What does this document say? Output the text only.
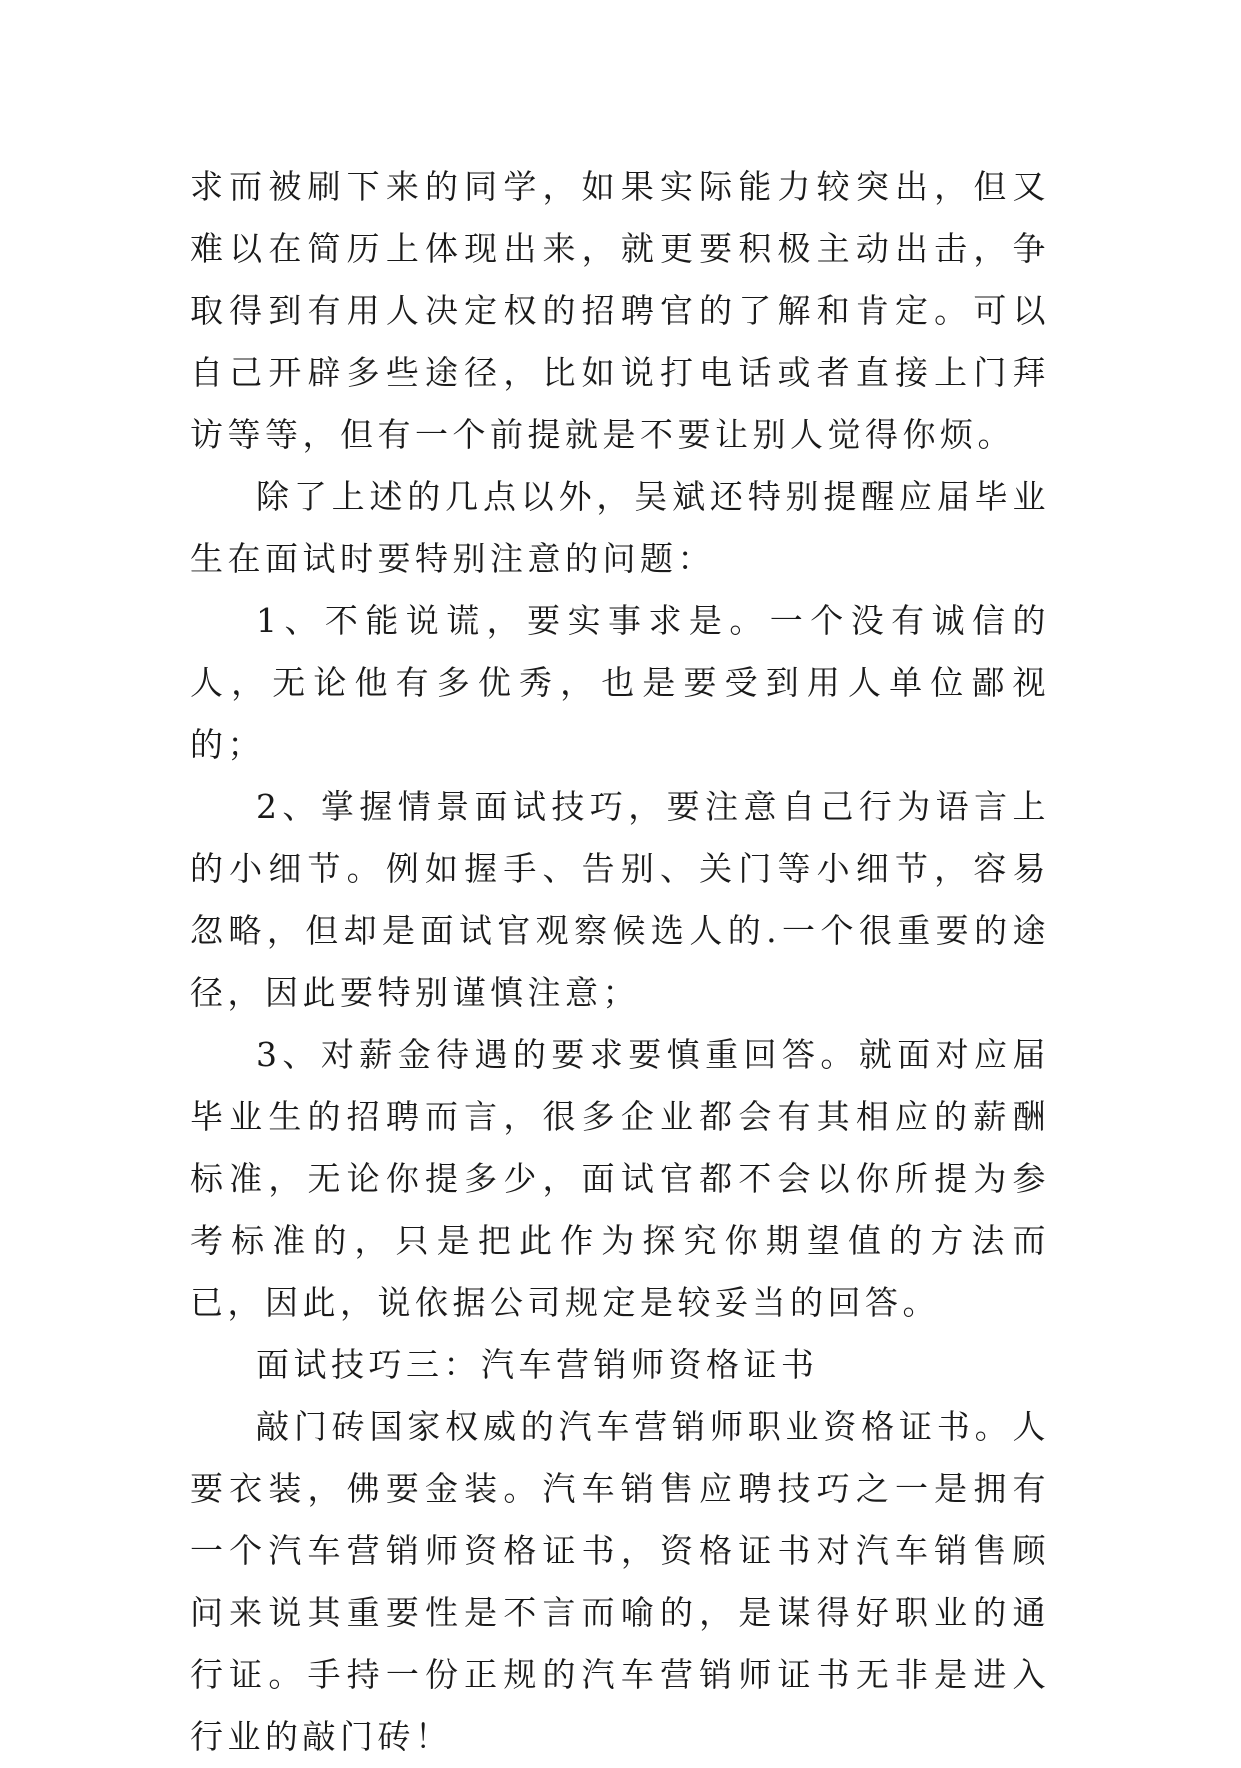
求而被刷下来的同学，如果实际能力较突出，但又难以在简历上体现出来，就更要积极主动出击，争取得到有用人决定权的招聘官的了解和肯定。可以自己开辟多些途径，比如说打电话或者直接上门拜访等等，但有一个前提就是不要让别人觉得你烦。

除了上述的几点以外，吴斌还特别提醒应届毕业生在面试时要特别注意的问题：

1、不能说谎，要实事求是。一个没有诚信的人，无论他有多优秀，也是要受到用人单位鄙视的；

2、掌握情景面试技巧，要注意自己行为语言上的小细节。例如握手、告别、关门等小细节，容易忽略，但却是面试官观察候选人的.一个很重要的途径，因此要特别谨慎注意；

3、对薪金待遇的要求要慎重回答。就面对应届毕业生的招聘而言，很多企业都会有其相应的薪酬标准，无论你提多少，面试官都不会以你所提为参考标准的，只是把此作为探究你期望值的方法而已，因此，说依据公司规定是较妥当的回答。

面试技巧三：汽车营销师资格证书

敲门砖国家权威的汽车营销师职业资格证书。人要衣装，佛要金装。汽车销售应聘技巧之一是拥有一个汽车营销师资格证书，资格证书对汽车销售顾问来说其重要性是不言而喻的，是谋得好职业的通行证。手持一份正规的汽车营销师证书无非是进入行业的敲门砖！
